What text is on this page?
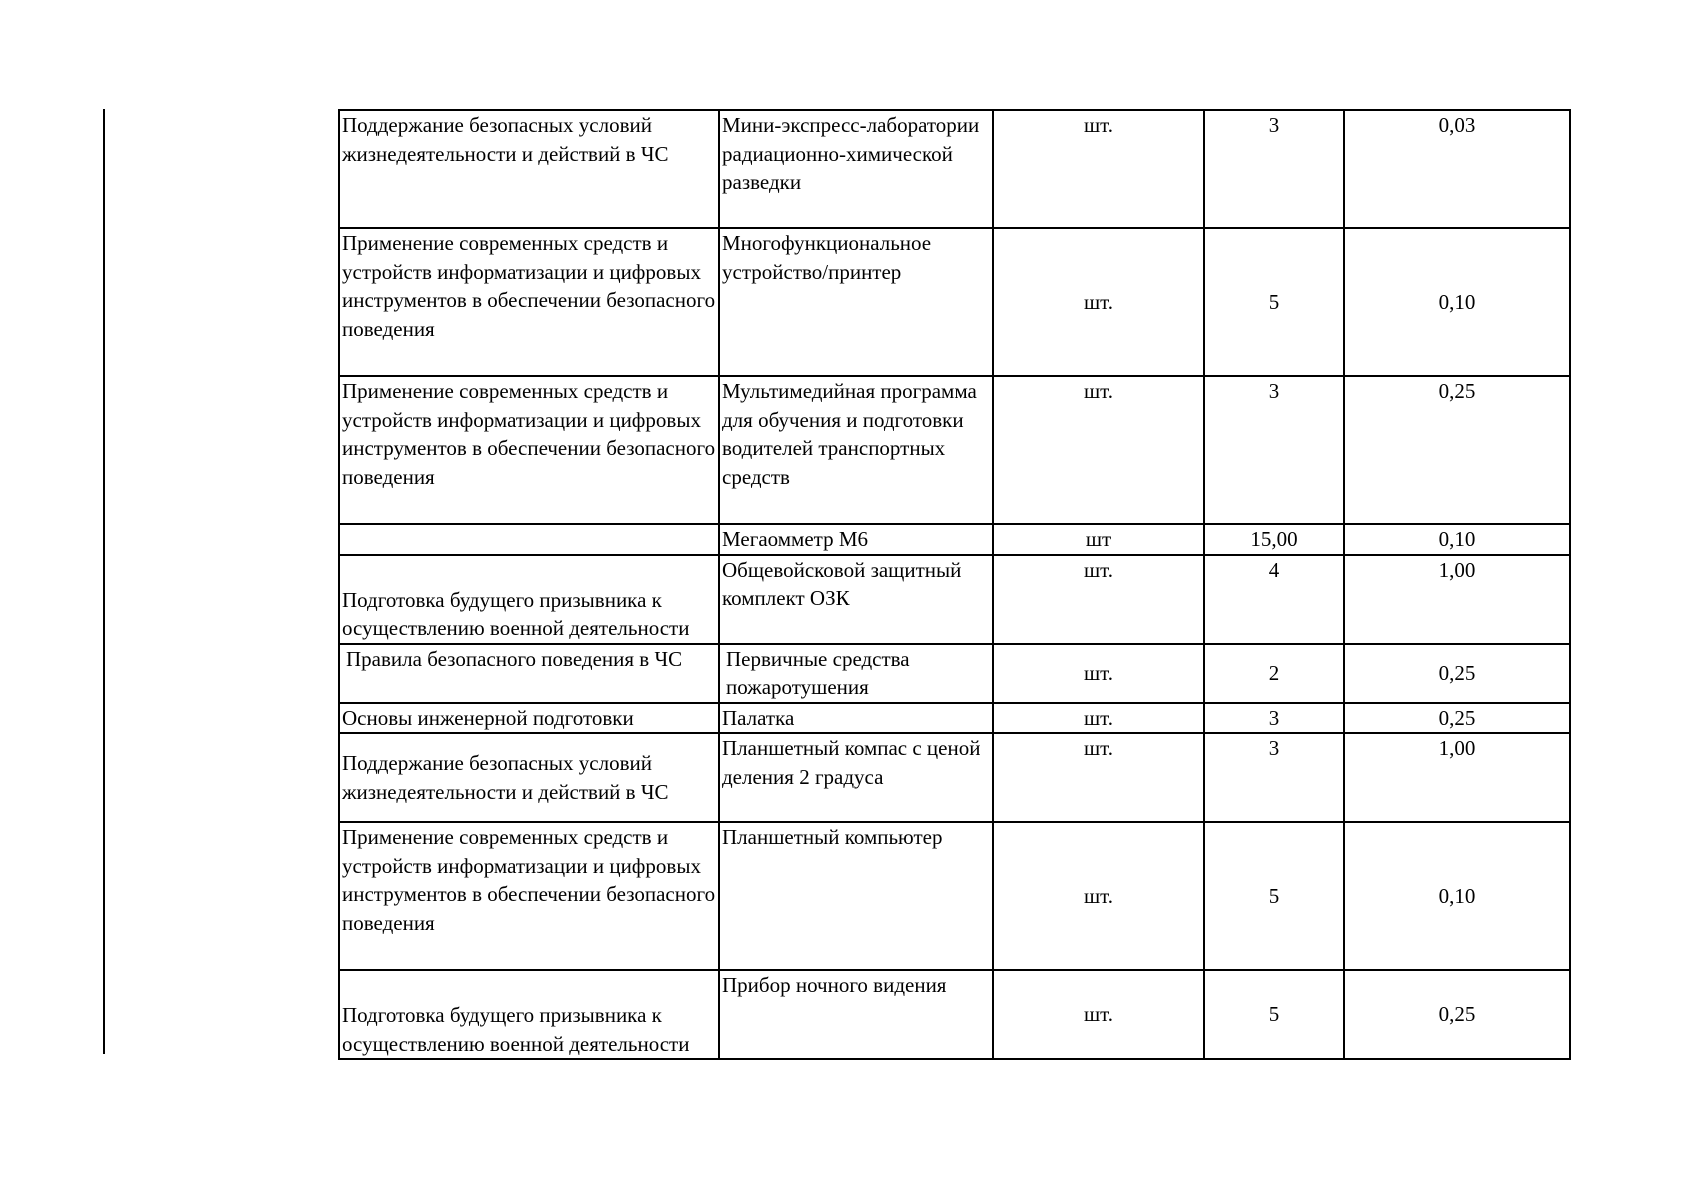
Поддержание безопасных условий жизнедеятельности и действий в ЧС	Мини-экспресс-лаборатории радиационно-химической разведки	шт.	3	0,03
Применение современных средств и устройств информатизации и цифровых инструментов в обеспечении безопасного поведения	Многофункциональное устройство/принтер	шт.	5	0,10
Применение современных средств и устройств информатизации и цифровых инструментов в обеспечении безопасного поведения	Мультимедийная программа для обучения и подготовки водителей транспортных средств	шт.	3	0,25
	Мегаомметр М6	шт	15,00	0,10
Подготовка будущего призывника к осуществлению военной деятельности	Общевойсковой защитный комплект ОЗК	шт.	4	1,00
Правила безопасного поведения в ЧС	Первичные средства пожаротушения	шт.	2	0,25
Основы инженерной подготовки	Палатка	шт.	3	0,25
Поддержание безопасных условий жизнедеятельности и действий в ЧС	Планшетный компас с ценой деления 2 градуса	шт.	3	1,00
Применение современных средств и устройств информатизации и цифровых инструментов в обеспечении безопасного поведения	Планшетный компьютер	шт.	5	0,10
Подготовка будущего призывника к осуществлению военной деятельности	Прибор ночного видения	шт.	5	0,25
